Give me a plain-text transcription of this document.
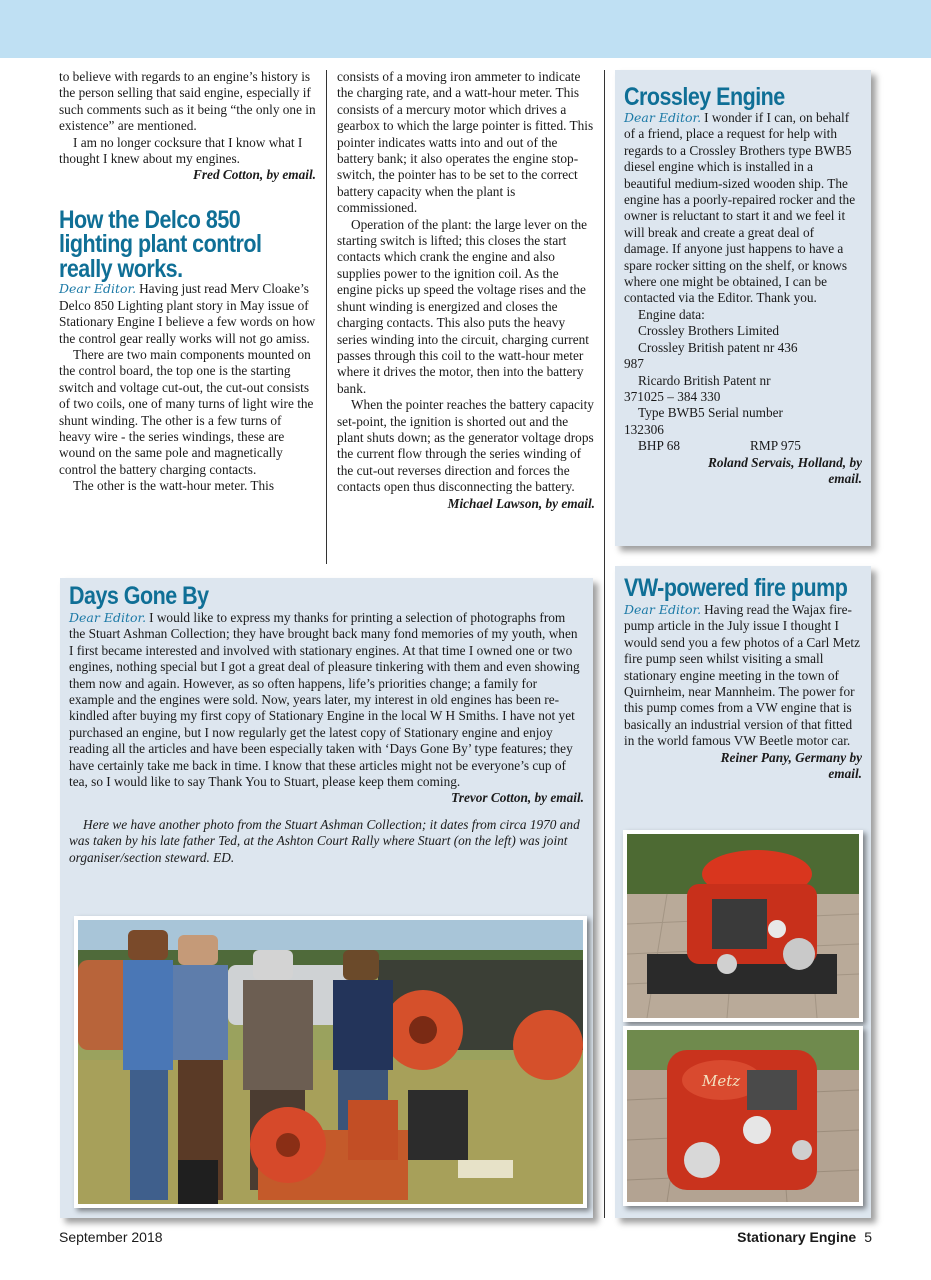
to believe with regards to an engine’s history is the person selling that said engine, especially if such comments such as it being “the only one in existence” are mentioned.

I am no longer cocksure that I know what I thought I knew about my engines.

Fred Cotton, by email.
How the Delco 850
lighting plant control
really works.

Dear Editor. Having just read Merv Cloake’s Delco 850 Lighting plant story in May issue of Stationary Engine I believe a few words on how the control gear really works will not go amiss.

There are two main components mounted on the control board, the top one is the starting switch and voltage cut-out, the cut-out consists of two coils, one of many turns of light wire the shunt winding. The other is a few turns of heavy wire - the series windings, these are wound on the same pole and magnetically control the battery charging contacts.

The other is the watt-hour meter. This

consists of a moving iron ammeter to indicate the charging rate, and a watt-hour meter. This consists of a mercury motor which drives a gearbox to which the large pointer is fitted. This pointer indicates watts into and out of the battery bank; it also operates the engine stop-switch, the pointer has to be set to the correct battery capacity when the plant is commissioned.

Operation of the plant: the large lever on the starting switch is lifted; this closes the start contacts which crank the engine and also supplies power to the ignition coil. As the engine picks up speed the voltage rises and the shunt winding is energized and closes the charging contacts. This also puts the heavy series winding into the circuit, charging current passes through this coil to the watt-hour meter where it drives the motor, then into the battery bank.

When the pointer reaches the battery capacity set-point, the ignition is shorted out and the plant shuts down; as the generator voltage drops the current flow through the series winding of the cut-out reverses direction and forces the contacts open thus disconnecting the battery.

Michael Lawson, by email.
Crossley Engine

Dear Editor. I wonder if I can, on behalf of a friend, place a request for help with regards to a Crossley Brothers type BWB5 diesel engine which is installed in a beautiful medium-sized wooden ship. The engine has a poorly-repaired rocker and the owner is reluctant to start it and we feel it will break and create a great deal of damage. If anyone just happens to have a spare rocker sitting on the shelf, or knows where one might be obtained, I can be contacted via the Editor. Thank you.

Engine data:

Crossley Brothers Limited

Crossley British patent nr 436

987

Ricardo British Patent nr

371025 – 384 330

Type BWB5 Serial number

132306

BHP 68	RMP 975

Roland Servais, Holland, by
email.
VW-powered fire pump

Dear Editor. Having read the Wajax fire-pump article in the July issue I thought I would send you a few photos of a Carl Metz fire pump seen whilst visiting a small stationary engine meeting in the town of Quirnheim, near Mannheim. The power for this pump comes from a VW engine that is basically an industrial version of that fitted in the world famous VW Beetle motor car.

Reiner Pany, Germany by
email.
Metz
Days Gone By

Dear Editor. I would like to express my thanks for printing a selection of photographs from the Stuart Ashman Collection; they have brought back many fond memories of my youth, when I first became interested and involved with stationary engines. At that time I owned one or two engines, nothing special but I got a great deal of pleasure tinkering with them and even showing them now and again. However, as so often happens, life’s priorities change; a family for example and the engines were sold. Now, years later, my interest in old engines has been re-kindled after buying my first copy of Stationary Engine in the local W H Smiths. I have not yet purchased an engine, but I now regularly get the latest copy of Stationary engine and enjoy reading all the articles and have been especially taken with ‘Days Gone By’ type features; they have certainly take me back in time. I know that these articles might not be everyone’s cup of tea, so I would like to say Thank You to Stuart, please keep them coming.

Trevor Cotton, by email.

Here we have another photo from the Stuart Ashman Collection; it dates from circa 1970 and was taken by his late father Ted, at the Ashton Court Rally where Stuart (on the left) was joint organiser/section steward. ED.

September 2018	Stationary Engine 5
